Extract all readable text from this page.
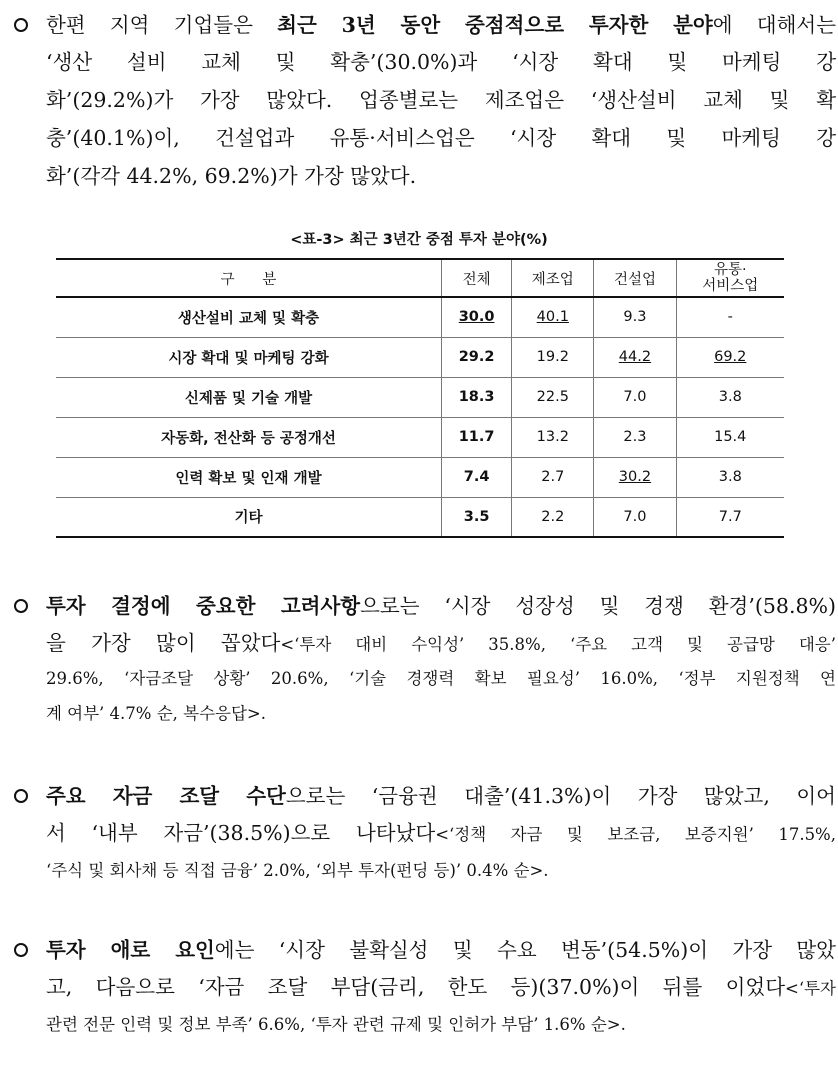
한편 지역 기업들은 최근 3년 동안 중점적으로 투자한 분야에 대해서는
‘생산 설비 교체 및 확충’(30.0%)과 ‘시장 확대 및 마케팅 강
화’(29.2%)가 가장 많았다. 업종별로는 제조업은 ‘생산설비 교체 및 확
충’(40.1%)이, 건설업과 유통·서비스업은 ‘시장 확대 및 마케팅 강
화’(각각 44.2%, 69.2%)가 가장 많았다.
<표-3> 최근 3년간 중점 투자 분야(%)
구      분	전체	제조업	건설업	유통·
서비스업
생산설비 교체 및 확충	30.0	40.1	9.3	-
시장 확대 및 마케팅 강화	29.2	19.2	44.2	69.2
신제품 및 기술 개발	18.3	22.5	7.0	3.8
자동화, 전산화 등 공정개선	11.7	13.2	2.3	15.4
인력 확보 및 인재 개발	7.4	2.7	30.2	3.8
기타	3.5	2.2	7.0	7.7
투자 결정에 중요한 고려사항으로는 ‘시장 성장성 및 경쟁 환경’(58.8%)
을 가장 많이 꼽았다<‘투자 대비 수익성’ 35.8%, ‘주요 고객 및 공급망 대응’
29.6%, ‘자금조달 상황’ 20.6%, ‘기술 경쟁력 확보 필요성’ 16.0%, ‘정부 지원정책 연
계 여부’ 4.7% 순, 복수응답>.
주요 자금 조달 수단으로는 ‘금융권 대출’(41.3%)이 가장 많았고, 이어
서 ‘내부 자금’(38.5%)으로 나타났다<‘정책 자금 및 보조금, 보증지원’ 17.5%,
‘주식 및 회사채 등 직접 금융’ 2.0%, ‘외부 투자(펀딩 등)’ 0.4% 순>.
투자 애로 요인에는 ‘시장 불확실성 및 수요 변동’(54.5%)이 가장 많았
고, 다음으로 ‘자금 조달 부담(금리, 한도 등)(37.0%)이 뒤를 이었다<‘투자
관련 전문 인력 및 정보 부족’ 6.6%, ‘투자 관련 규제 및 인허가 부담’ 1.6% 순>.
